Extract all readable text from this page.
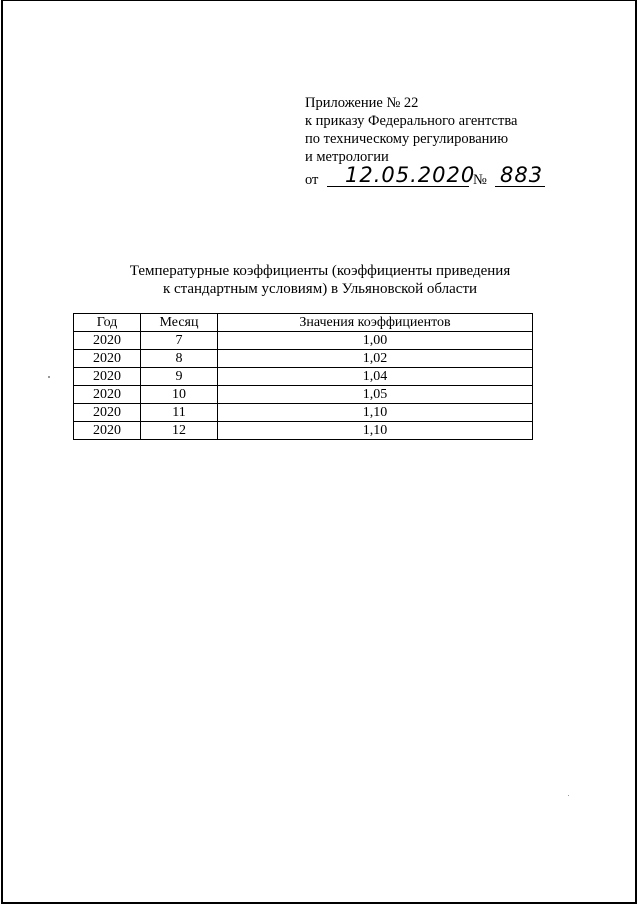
Приложение № 22
к приказу Федерального агентства
по техническому регулированию
и метрологии
от 12.05.2020
№ 883
Температурные коэффициенты (коэффициенты приведения
к стандартным условиям) в Ульяновской области
Год	Месяц	Значения коэффициентов
2020	7	1,00
2020	8	1,02
2020	9	1,04
2020	10	1,05
2020	11	1,10
2020	12	1,10
